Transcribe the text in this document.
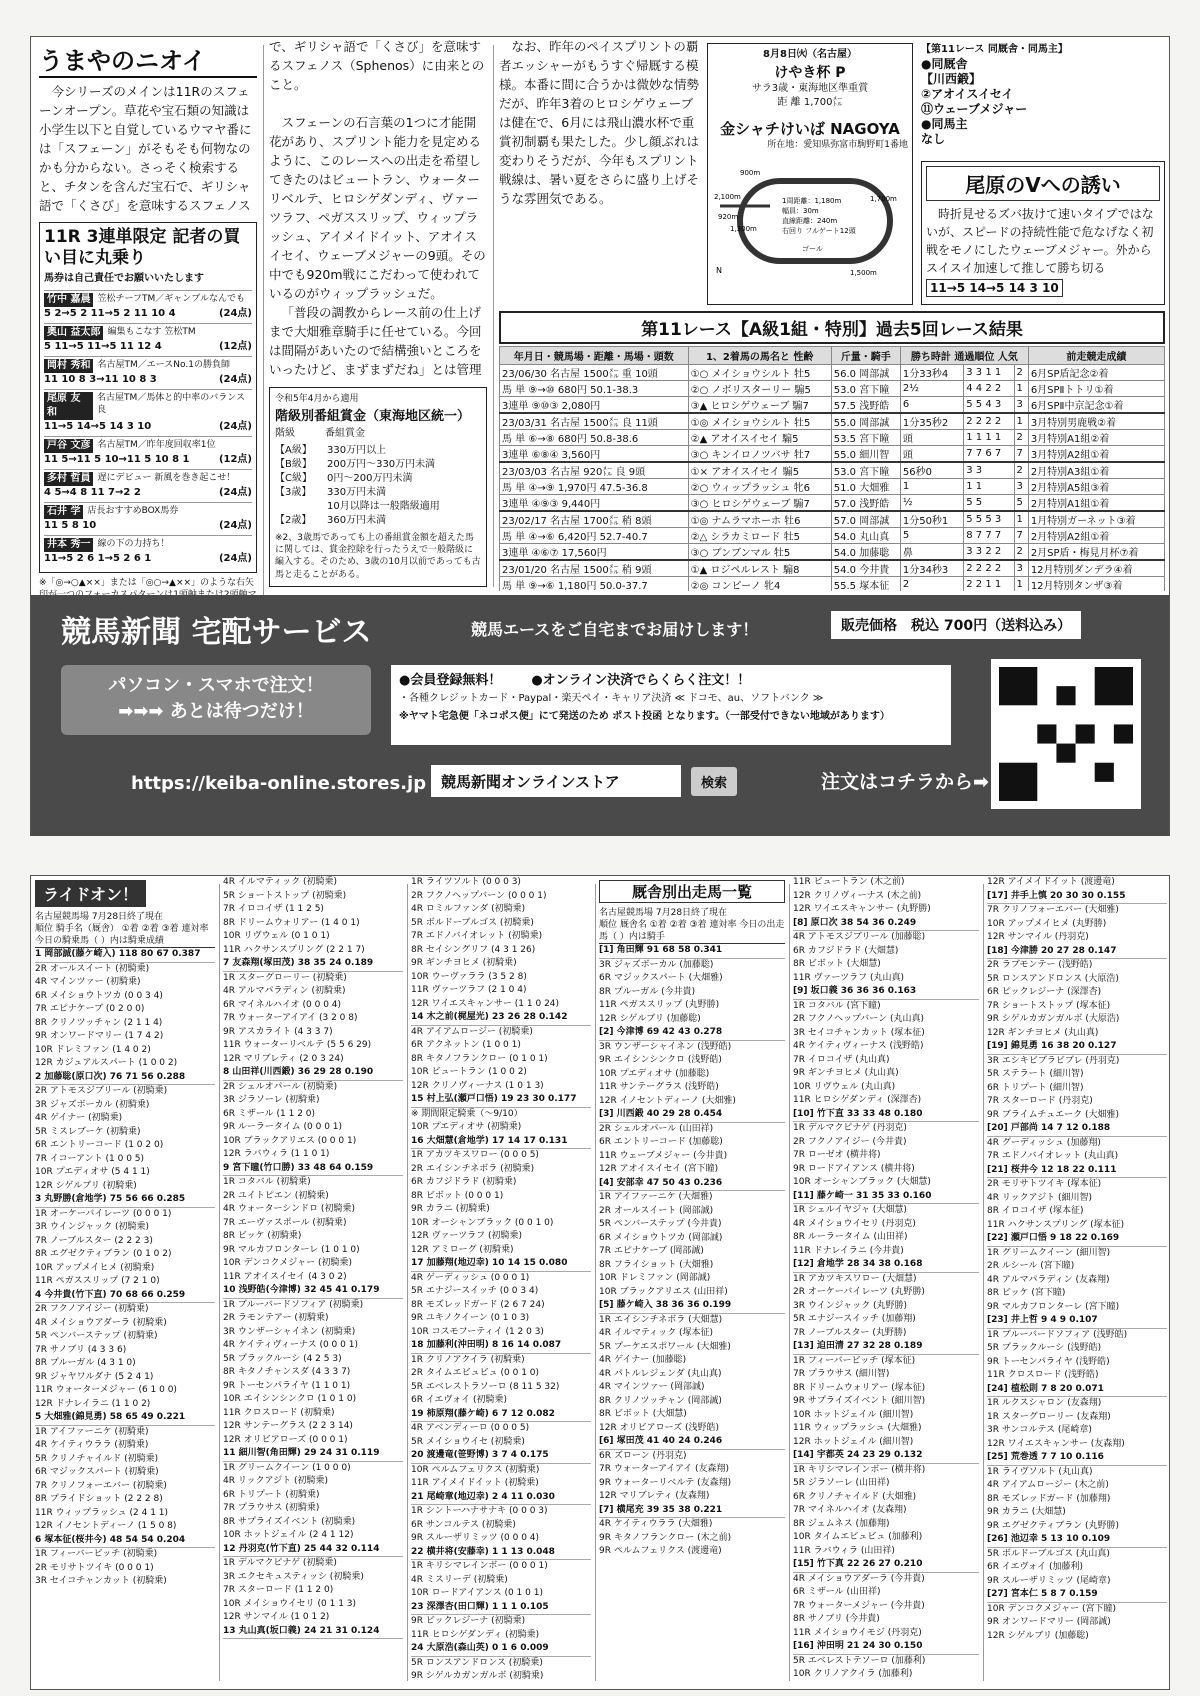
うまやのニオイ
今シリーズのメインは11Rのスフェーンオープン。草花や宝石類の知識は小学生以下と自覚しているウマヤ番には「スフェーン」がそもそも何物なのかも分からない。さっそく検索すると、チタンを含んだ宝石で、ギリシャ語で「くさび」を意味するスフェノス
11R 3連単限定 記者の買い目に丸乗り
馬券は自己責任でお願いいたします
竹中 嘉晨 笠松チーフTM／ギャンブルなんでも
5 2→5 2 11→5 2 11 10 4	(24点)
奥山 益太郎 編集もこなす 笠松TM
5 11→5 11→5 11 12 4	(12点)
岡村 秀和 名古屋TM／エースNo.1の勝負師
11 10 8 3→11 10 8 3	(24点)
尾原 友和
名古屋TM／馬体と的中率のバランス良
11→5 14→5 14 3 10	(24点)
戸谷 文彦 名古屋TM／昨年度回収率1位
11 5→11 5 10→11 5 10 8 1	(12点)
多村 哲員 遅にデビュー 新風を巻き起こせ！
4 5→4 8 11 7→2 2	(24点)
石井 学 店長おすすめBOX馬券
11 5 8 10	(24点)
井本 秀一 線の下の力持ち！
11→5 2 6 1→5 2 6 1	(24点)
※「◎→○▲××」または「◎○→▲××」のような右矢
で、ギリシャ語で「くさび」を意味するスフェノス（Sphenos）に由来とのこと。
スフェーンの石言葉の1つに才能開花があり、スプリント能力を見定めるように、このレースへの出走を希望してきたのはビュートラン、ウォーターリベルテ、ヒロシゲダンディ、ヴァーツラフ、ペガススリップ、ウィップラッシュ、アイメイドイット、アオイスイセイ、ウェーブメジャーの9頭。その中でも920m戦にこだわって使われているのがウィップラッシュだ。
「普段の調教からレース前の仕上げまで大畑雅章騎手に任せている。今回は間隔があいたので結構強いところをいったけど、まずまずだね」とは管理
令和5年4月から適用
階級別番組賞金（東海地区統一）
階級	番組賞金
【A級】	330万円以上
【B級】	200万円〜330万円未満
【C級】	0円〜200万円未満
【3歳】	330万円未満
10月以降は一般階級適用
【2歳】	360万円未満
※2、3歳馬であっても上の番組賞金額を超えた馬に関しては、賞金控除を行ったうえで一般階級に編入する。そのため、3歳の10月以前であっても古馬と走ることがある。
なお、昨年のペイスプリントの覇者エッシャーがもうすぐ帰厩する模様。本番に間に合うかは微妙な情勢だが、昨年3着のヒロシゲウェーブは健在で、6月には飛山濃水杯で重賞初制覇も果たした。少し顔ぶれは変わりそうだが、今年もスプリント戦線は、暑い夏をさらに盛り上げそうな雰囲気である。
8月8日㈫（名古屋）
けやき杯 P
サラ3歳・東海地区準重賞
距 離 1,700㍍
金シャチけいば NAGOYA
所在地：愛知県弥富市駒野町1番地
900m
2,100m
920m
1,300m
1,700m
1,500m
ゴール
N
1周距離：1,180m
幅員：30m
直線距離：240m
右回り フルゲート12頭
【第11レース 同厩舎・同馬主】
●同厩舎
【川西鍛】
②アオイスイセイ
⑪ウェーブメジャー
●同馬主
なし
尾原のVへの誘い
時折見せるズバ抜けて速いタイプではないが、スピードの持続性能で危なげなく初戦をモノにしたウェーブメジャー。外からスイスイ加速して推して勝ち切る
11→5 14→5 14 3 10
第11レース【A級1組・特別】過去5回レース結果
年月日・競馬場・距離・馬場・頭数	1、2着馬の馬名と 性齢	斤量・騎手	勝ち時計 通過順位 人気			前走競走成績
23/06/30 名古屋 1500㍍ 重 10頭	①○ メイショウシルト 牡5	56.0 岡部誠	1分33秒4	3 3 1 1	2	6月SP盾記念②着
馬 単 ⑨→⑩ 680円 50.1-38.3	②○ ノボリスターリー 騸5	53.0 宮下瞳	2½	4 4 2 2	1	6月SPⅡトトリ①着
3連単 ⑨⑩③ 2,080円	③▲ ヒロシゲウェーブ 騸7	57.5 浅野皓	6	5 5 4 3	3	6月SPⅡ中京記念①着
23/03/31 名古屋 1500㍍ 良 11頭	①◎ メイショウシルト 牡5	55.0 岡部誠	1分35秒2	2 2 2 2	1	3月特別男鹿戦②着
馬 単 ⑥→⑧ 680円 50.8-38.6	②▲ アオイスイセイ 騸5	53.5 宮下瞳	頭	1 1 1 1	2	3月特別A1組②着
3連単 ⑥⑧④ 3,560円	③○ キンイロノツバサ 牡7	55.0 細川智	頭	7 7 6 7	7	3月特別A2組①着
23/03/03 名古屋 920㍍ 良 9頭	①× アオイスイセイ 騸5	53.0 宮下瞳	56秒0	3 3	2	2月特別A3組①着
馬 単 ④→⑨ 1,970円 47.5-36.8	②○ ウィップラッシュ 牝6	51.0 大畑雅	1	1 1	3	2月特別A5組③着
3連単 ④⑨③ 9,440円	③○ ヒロシゲウェーブ 騸7	57.0 浅野皓	½	5 5	5	2月特別A1組①着
23/02/17 名古屋 1700㍍ 稍 8頭	①◎ ナムラマホーホ 牡6	57.0 岡部誠	1分50秒1	5 5 5 3	1	1月特別ガーネット③着
馬 単 ④→⑥ 6,420円 52.7-40.7	②△ シラカミロード 牡5	54.0 丸山真	5	8 7 7 7	7	2月特別A2組①着
3連単 ④⑥⑦ 17,560円	③○ ブンブンマル 牡5	54.0 加藤聡	鼻	3 3 2 2	2	2月SP盾・梅見月杯⑦着
23/01/20 名古屋 1500㍍ 稍 9頭	①▲ ロジペルレスト 騸8	54.0 今井貴	1分34秒3	2 2 2 2	3	12月特別ダンデラ④着
馬 単 ⑨→⑥ 1,180円 50.0-37.7	②◎ コンピーノ 牝4	55.5 塚本征	2	2 2 1 1	1	12月特別タンザ③着

競馬新聞 宅配サービス	競馬エースをご自宅までお届けします！	販売価格 税込 700円（送料込み）
パソコン・スマホで注文！
➡➡➡ あとは待つだけ！
●会員登録無料！ ●オンライン決済でらくらく注文！！
・各種クレジットカード・Paypal・楽天ペイ・キャリア決済 ≪ ドコモ、au、ソフトバンク ≫
※ヤマト宅急便「ネコポス便」にて発送のため ポスト投函 となります。（一部受付できない地域があります）
https://keiba-online.stores.jp 競馬新聞オンラインストア	検索	注文はコチラから➡
ライドオン！
名古屋競馬場 7月28日終了現在
順位 騎手名（厩舎） ①着 ②着 ③着 連対率 今日の騎乗馬（ ）内は騎乗成績
1 岡部誠(藤ケ崎入) 118 80 67 0.387
2R オールスイート (初騎乗)
4R マインツァー (初騎乗)
6R メイショウトツカ (0 0 3 4)
7R エピナケーブ (0 2 0 0)
8R クリノツッチャン (2 1 1 4)
9R オンワードマリー (1 7 4 2)
10R ドレミファン (1 4 0 2)
12R カジュアルスパート (1 0 0 2)
2 加藤聡(原口次) 76 71 56 0.288
2R アトモスジブリール (初騎乗)
3R ジャズボーカル (初騎乗)
4R ゲイナー (初騎乗)
5R ミスレブーケ (初騎乗)
6R エントリーコード (1 0 2 0)
7R イコーアント (1 0 0 5)
10R プエディオサ (5 4 1 1)
12R シゲルブリ (初騎乗)
3 丸野勝(倉地学) 75 56 66 0.285
1R オーケーバイレーツ (0 0 0 1)
3R ウインジャック (初騎乗)
7R ノーブルスター (2 2 2 3)
8R エグゼクティブラン (0 1 0 2)
10R アップメイヒメ (初騎乗)
11R ペガススリップ (7 2 1 0)
4 今井貴(竹下直) 70 68 66 0.259
2R フクノアイジー (初騎乗)
4R メイショウアダーラ (初騎乗)
5R ペンバーステップ (初騎乗)
7R サノブリ (4 3 3 6)
8R プルーガル (4 3 1 0)
9R ジャヤワルダナ (5 2 4 1)
11R ウォーターメジャー (6 1 0 0)
12R ドナレイラニ (1 1 0 2)
5 大畑雅(錦見勇) 58 65 49 0.221
1R アイファーニケ (初騎乗)
4R ケイティウララ (初騎乗)
5R クリノチャイルド (初騎乗)
6R マジックスパート (初騎乗)
7R クリノフォーエバー (初騎乗)
8R プライドショット (2 2 2 8)
11R ウィップラッシュ (2 4 1 1)
12R イノセントディーノ (1 5 0 8)
6 塚本征(桜井今) 48 54 54 0.204
1R フィーバービッチ (初騎乗)
2R モリサトツイキ (0 0 0 1)
3R セイコチャンカット (初騎乗)
4R イルマティック (初騎乗)
5R ショートストップ (初騎乗)
7R イロコイザ (1 1 2 5)
8R ドリームウォリアー (1 4 0 1)
10R リヴウェル (0 1 0 1)
11R ハクサンスプリング (2 2 1 7)
7 友森翔(塚田茂) 38 35 24 0.189
1R スターグローリー (初騎乗)
4R アルマパラディン (初騎乗)
6R マイネルハイオ (0 0 0 4)
7R ウォーターアイアイ (3 2 0 8)
9R アスカライト (4 3 3 7)
11R ウォーターリベルテ (5 5 6 29)
12R マリブレティ (2 0 3 24)
8 山田祥(川西鍛) 36 29 28 0.190
2R シェルオパール (初騎乗)
3R ジラソーレ (初騎乗)
6R ミザール (1 1 2 0)
9R ルーラータイム (0 0 0 1)
10R ブラックアリエス (0 0 0 1)
12R ラバウィラ (1 1 0 1)
9 宮下瞳(竹口勝) 33 48 64 0.159
1R コタバル (初騎乗)
2R ユイトピエン (初騎乗)
4R ウォーターシンドロ (初騎乗)
7R エーヴァスポール (初騎乗)
8R ビッケ (初騎乗)
9R マルカフロンターレ (1 0 1 0)
10R デンコクメジャー (初騎乗)
11R アオイスイセイ (4 3 0 2)
10 浅野皓(今津博) 32 45 41 0.179
1R ブルーバードソフィア (初騎乗)
2R ラモンテアー (初騎乗)
3R ウンザーシャイネン (初騎乗)
4R ケイティヴィーナス (0 0 0 1)
5R プラックルーシ (4 2 5 3)
8R キタノチャンスダ (4 3 3 7)
9R トーセンパライヤ (1 1 0 1)
10R エイシンシンクロ (1 0 1 0)
11R クロスロード (初騎乗)
12R サンテーグラス (2 2 3 14)
12R オリビアローズ (0 0 0 1)
11 細川智(角田輝) 29 24 31 0.119
1R グリームクイーン (1 0 0 0)
4R リックアジト (初騎乗)
6R トリプート (初騎乗)
7R プラウサス (初騎乗)
8R サプライズイベント (初騎乗)
10R ホットジェイル (2 4 1 12)
12 丹羽克(竹下直) 25 44 32 0.114
1R デルマクピナゲ (初騎乗)
3R エクセキュスティッシ (初騎乗)
7R スターロード (1 1 2 0)
10R メイショウイセリ (0 1 1 3)
12R サンマイル (1 0 1 2)
13 丸山真(坂口義) 24 21 31 0.124
1R ライツソルト (0 0 0 3)
2R フクノヘップバーン (0 0 0 1)
4R ロミルファンダ (初騎乗)
5R ボルドーブルゴス (初騎乗)
7R エドノバイオレット (初騎乗)
8R セイシングリフ (4 3 1 26)
9R ギンチヨヒメ (初騎乗)
10R ウーヴァララ (3 5 2 8)
11R ヴァーツラフ (2 1 0 4)
12R ワイエスキャンサー (1 1 0 24)
14 木之前(梶屋光) 23 26 28 0.142
4R アイアムロージー (初騎乗)
6R アクネットン (1 0 0 1)
8R キタノフランクロー (0 1 0 1)
10R ビュートラン (1 0 0 2)
12R クリノヴィーナス (1 0 1 3)
15 村上弘(瀬戸口悟) 19 23 30 0.177
※ 期間限定騎乗（〜9/10）
10R プエディオサ (初騎乗)
16 大畑慧(倉地学) 17 14 17 0.131
1R アカツキスワロー (0 0 0 5)
2R エイシンチネボラ (初騎乗)
6R カフジドラド (初騎乗)
8R ビボット (0 0 0 1)
9R カラニ (初騎乗)
10R オーシャンブラック (0 0 1 0)
12R ヴァーツラフ (初騎乗)
12R アミローグ (初騎乗)
17 加藤翔(地辺幸) 10 14 15 0.080
4R ゲーディッシュ (0 0 0 1)
5R エナジースイッチ (0 0 3 4)
8R モズレッドガード (2 6 7 24)
9R ユキノクイーン (0 1 0 3)
10R コスモフーティイ (1 2 0 3)
18 加藤利(沖田明) 8 16 14 0.087
1R クリノアクイラ (初騎乗)
2R タイムエビュビュ (0 0 1 0)
5R エベレストラソーロ (8 11 5 32)
6R イエヴォイ (初騎乗)
19 柿原翔(藤ケ崎) 6 7 12 0.082
4R アベンディーロ (0 0 0 5)
5R メイショウイセ (初騎乗)
20 渡邊竜(笹野博) 3 7 4 0.175
10R ペルムフェリクス (初騎乗)
11R アイメイドイット (初騎乗)
21 尾崎章(地辺幸) 2 4 11 0.030
1R シントーハナサナキ (0 0 0 3)
6R サンコルテス (初騎乗)
9R スルーザリミッツ (0 0 0 4)
22 横井将(安藤幸) 1 1 13 0.048
1R キリシマレインボー (0 0 0 1)
4R ミスリーデ (初騎乗)
10R ロードアイアンス (0 1 0 1)
23 深澤杏(田口輝) 1 1 1 0.105
9R ビックレジーナ (初騎乗)
11R ヒロシゲダンディ (初騎乗)
24 大原浩(森山英) 0 1 6 0.009
5R ロンスアンドロンス (初騎乗)
9R シゲルカガンガルボ (初騎乗)
厩舎別出走馬一覧
名古屋競馬場 7月28日終了現在
順位 厩舎名 ①着 ②着 ③着 連対率 今日の出走馬（ ）内は騎手
[1] 角田輝 91 68 58 0.341
3R ジャズボーカル (加藤聡)
6R マジックスパート (大畑雅)
8R プルーガル (今井貴)
11R ペガススリップ (丸野勝)
12R シゲルブリ (加藤聡)
[2] 今津博 69 42 43 0.278
3R ウンザーシャイネン (浅野皓)
9R エイシンシンクロ (浅野皓)
10R プエディオサ (加藤聡)
11R サンテーグラス (浅野皓)
12R イノセントディーノ (大畑雅)
[3] 川西鍛 40 29 28 0.454
2R シェルオパール (山田祥)
6R エントリーコード (加藤聡)
11R ウェーブメジャー (今井貴)
12R アオイスイセイ (宮下瞳)
[4] 安部幸 47 50 43 0.236
1R アイファーニケ (大畑雅)
2R オールスイート (岡部誠)
5R ペンバーステップ (今井貴)
6R メイショウトツカ (岡部誠)
7R エピナケーブ (岡部誠)
8R フライショット (大畑雅)
10R ドレミファン (岡部誠)
10R ブラックアリエス (山田祥)
[5] 藤ケ崎入 38 36 36 0.199
1R エイシンチネボラ (大畑慧)
4R イルマティック (塚本征)
5R プーケエスポワール (大畑雅)
4R ゲイナー (加藤聡)
4R パトルレジェンダ (丸山真)
4R マインツァー (岡部誠)
8R クリノツッチャン (岡部誠)
8R ビボット (大畑慧)
12R オリビアローズ (浅野皓)
[6] 塚田茂 41 40 24 0.246
6R ズローン (丹羽克)
7R ウォーターアイアイ (友森翔)
9R ウォーターリベルテ (友森翔)
12R マリブレティ (友森翔)
[7] 横尾充 39 35 38 0.221
4R ケイティウララ (大畑雅)
9R キタノフランクロー (木之前)
9R ペルムフェリクス (渡邊竜)
11R ビュートラン (木之前)
12R クリノヴィーナス (木之前)
12R ワイエスキャンサー (丸野勝)
[8] 原口次 38 54 36 0.249
4R アトモスジブリール (加藤聡)
6R カフジドラド (大畑慧)
8R ビボット (大畑慧)
11R ヴァーツラフ (丸山真)
[9] 坂口義 36 36 36 0.163
1R コタバル (宮下瞳)
2R フクノヘップバーン (丸山真)
3R セイコチャンカット (塚本征)
4R ケイティヴィーナス (浅野皓)
7R イロコイザ (丸山真)
9R ギンチヨヒメ (丸山真)
10R リヴウェル (丸山真)
11R ヒロシゲダンディ (深澤杏)
[10] 竹下直 33 33 48 0.180
1R デルマクピナゲ (丹羽克)
2R フクノアイジー (今井貴)
7R ローゼオ (横井将)
9R ロードアイアンス (横井将)
10R オーシャンブラック (大畑慧)
[11] 藤ケ崎一 31 35 33 0.160
1R シェルイヤジャ (大畑慧)
4R メイショウイセリ (丹羽克)
8R ルーラータイム (山田祥)
11R ドナレイラニ (今井貴)
[12] 倉地学 28 34 38 0.168
1R アカツキスワロー (大畑慧)
2R オーケーバイレーツ (丸野勝)
3R ウインジャック (丸野勝)
5R エナジースイッチ (加藤翔)
7R ノーブルスター (丸野勝)
[13] 迫田清 27 32 28 0.189
1R フィーバービッチ (塚本征)
7R プラウサス (細川智)
8R ドリームウォリアー (塚本征)
9R サプライズイベント (細川智)
10R ホットジェイル (細川智)
11R ウィップラッシュ (大畑雅)
12R ホットジェイル (細川智)
[14] 宇都英 24 23 29 0.132
1R キリシマレインボー (横井将)
5R ジラソーレ (山田祥)
6R クリノチャイルド (大畑雅)
7R マイネルハイオ (友森翔)
8R ジェムネス (加藤翔)
10R タイムエビュビュ (加藤利)
11R ラバウィラ (山田祥)
[15] 竹下真 22 26 27 0.210
4R メイショウアダーラ (今井貴)
6R ミザール (山田祥)
7R ウォーターメジャー (今井貴)
8R サノブリ (今井貴)
11R メイショウイモジ (丹羽克)
[16] 沖田明 21 24 30 0.150
5R エベレストテソーロ (加藤利)
10R クリノアクイラ (加藤利)
12R アイメイドイット (渡邊竜)
[17] 井手上慎 20 30 30 0.155
7R クリノフォーエバー (大畑雅)
10R アップメイヒメ (丸野勝)
12R サンマイル (丹羽克)
[18] 今津勝 20 27 28 0.147
2R ラブモンテー (浅野皓)
5R ロンスアンドロンス (大原浩)
6R ピックレジーナ (深澤杏)
7R ショートストップ (塚本征)
9R シゲルカガンガルボ (大原浩)
12R ギンチヨヒメ (丸山真)
[19] 錦見勇 16 38 20 0.127
3R エシキビブラビブレ (丹羽克)
5R ステラート (細川智)
6R トリプート (細川智)
7R スターロード (丹羽克)
9R ブライムチュエーク (大畑雅)
[20] 戸部尚 14 7 12 0.188
4R グーディッシュ (加藤翔)
7R エドノバイオレット (丸山真)
[21] 桜井今 12 18 22 0.111
2R モリサトツイキ (塚本征)
4R リックアジト (細川智)
8R イロコイザ (塚本征)
11R ハクサンスプリング (塚本征)
[22] 瀬戸口悟 9 18 22 0.169
1R グリームクイーン (細川智)
2R ルシール (宮下瞳)
4R アルマパラディン (友森翔)
8R ビッケ (宮下瞳)
9R マルカフロンターレ (宮下瞳)
[23] 井上哲 9 4 9 0.107
1R ブルーバードソフィア (浅野皓)
5R プラックルーシ (浅野皓)
9R トーセンパライヤ (浅野皓)
11R クロスロード (浅野皓)
[24] 植松則 7 8 20 0.071
1R ルクスシャロン (友森翔)
1R スターグローリー (友森翔)
3R サンコルテス (尾崎章)
12R ワイエスキャンサー (友森翔)
[25] 荒巻透 7 7 10 0.116
1R ライヴソルト (丸山真)
4R アイアムロージー (木之前)
8R モズレッドガード (加藤翔)
9R カラニ (大畑慧)
9R エグゼクティブラン (丸野勝)
[26] 池辺幸 5 13 10 0.109
5R ボルドーブルゴス (丸山真)
6R イエヴォイ (加藤利)
9R スルーザリミッツ (尾崎章)
[27] 宮本仁 5 8 7 0.159
10R デンコクメジャー (宮下瞳)
9R オンワードマリー (岡部誠)
12R シゲルブリ (加藤聡)
